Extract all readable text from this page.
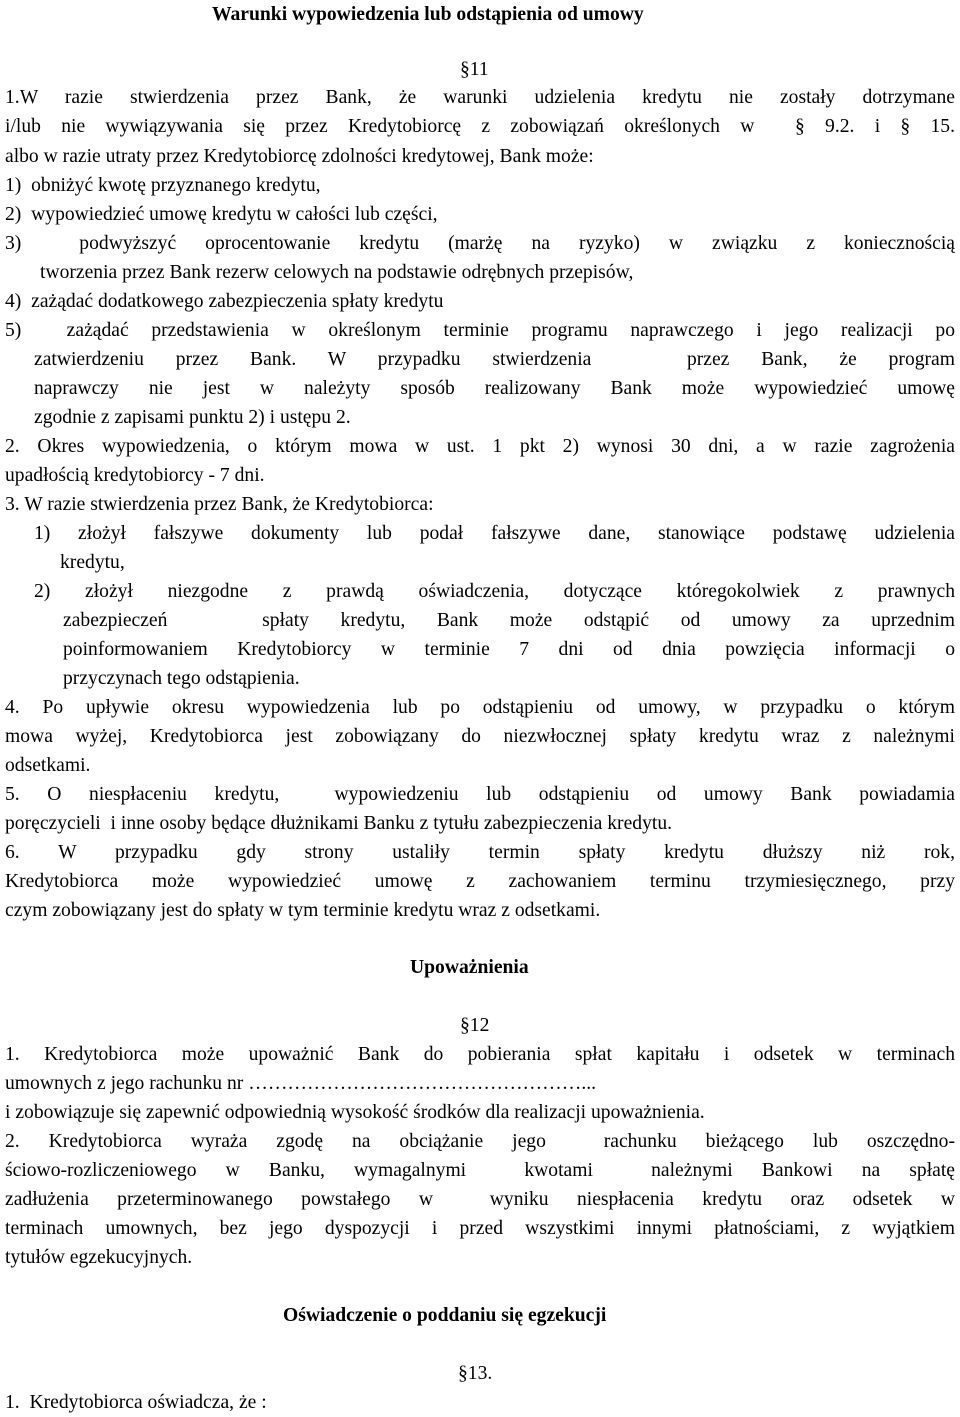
Warunki wypowiedzenia lub odstąpienia od umowy
§11
1.W razie stwierdzenia przez Bank, że warunki udzielenia kredytu nie zostały dotrzymane
i/lub nie wywiązywania się przez Kredytobiorcę z zobowiązań określonych w  § 9.2. i § 15.
albo w razie utraty przez Kredytobiorcę zdolności kredytowej, Bank może:
1)  obniżyć kwotę przyznanego kredytu,
2)  wypowiedzieć umowę kredytu w całości lub części,
3)  podwyższyć oprocentowanie kredytu (marżę na ryzyko) w związku z koniecznością
tworzenia przez Bank rezerw celowych na podstawie odrębnych przepisów,
4)  zażądać dodatkowego zabezpieczenia spłaty kredytu
5)  zażądać przedstawienia w określonym terminie programu naprawczego i jego realizacji po
zatwierdzeniu przez Bank. W przypadku stwierdzenia   przez Bank, że program
naprawczy nie jest w należyty sposób realizowany Bank może wypowiedzieć umowę
zgodnie z zapisami punktu 2) i ustępu 2.
2. Okres wypowiedzenia, o którym mowa w ust. 1 pkt 2) wynosi 30 dni, a w razie zagrożenia
upadłością kredytobiorcy - 7 dni.
3. W razie stwierdzenia przez Bank, że Kredytobiorca:
1) złożył fałszywe dokumenty lub podał fałszywe dane, stanowiące podstawę udzielenia
kredytu,
2) złożył niezgodne z prawdą oświadczenia, dotyczące któregokolwiek z prawnych
zabezpieczeń   spłaty kredytu, Bank może odstąpić od umowy za uprzednim
poinformowaniem Kredytobiorcy w terminie 7 dni od dnia powzięcia informacji o
przyczynach tego odstąpienia.
4. Po upływie okresu wypowiedzenia lub po odstąpieniu od umowy, w przypadku o którym
mowa wyżej, Kredytobiorca jest zobowiązany do niezwłocznej spłaty kredytu wraz z należnymi
odsetkami.
5. O niespłaceniu kredytu,  wypowiedzeniu lub odstąpieniu od umowy Bank powiadamia
poręczycieli  i inne osoby będące dłużnikami Banku z tytułu zabezpieczenia kredytu.
6. W przypadku gdy strony ustaliły termin spłaty kredytu dłuższy niż rok,
Kredytobiorca może wypowiedzieć umowę z zachowaniem terminu trzymiesięcznego, przy
czym zobowiązany jest do spłaty w tym terminie kredytu wraz z odsetkami.
Upoważnienia
§12
1. Kredytobiorca może upoważnić Bank do pobierania spłat kapitału i odsetek w terminach
umownych z jego rachunku nr ……………………………………………...
i zobowiązuje się zapewnić odpowiednią wysokość środków dla realizacji upoważnienia.
2. Kredytobiorca wyraża zgodę na obciążanie jego  rachunku bieżącego lub oszczędno-
ściowo-rozliczeniowego w Banku, wymagalnymi  kwotami  należnymi Bankowi na spłatę
zadłużenia przeterminowanego powstałego w  wyniku niespłacenia kredytu oraz odsetek w
terminach umownych, bez jego dyspozycji i przed wszystkimi innymi płatnościami, z wyjątkiem
tytułów egzekucyjnych.
Oświadczenie o poddaniu się egzekucji
§13.
1.  Kredytobiorca oświadcza, że :
